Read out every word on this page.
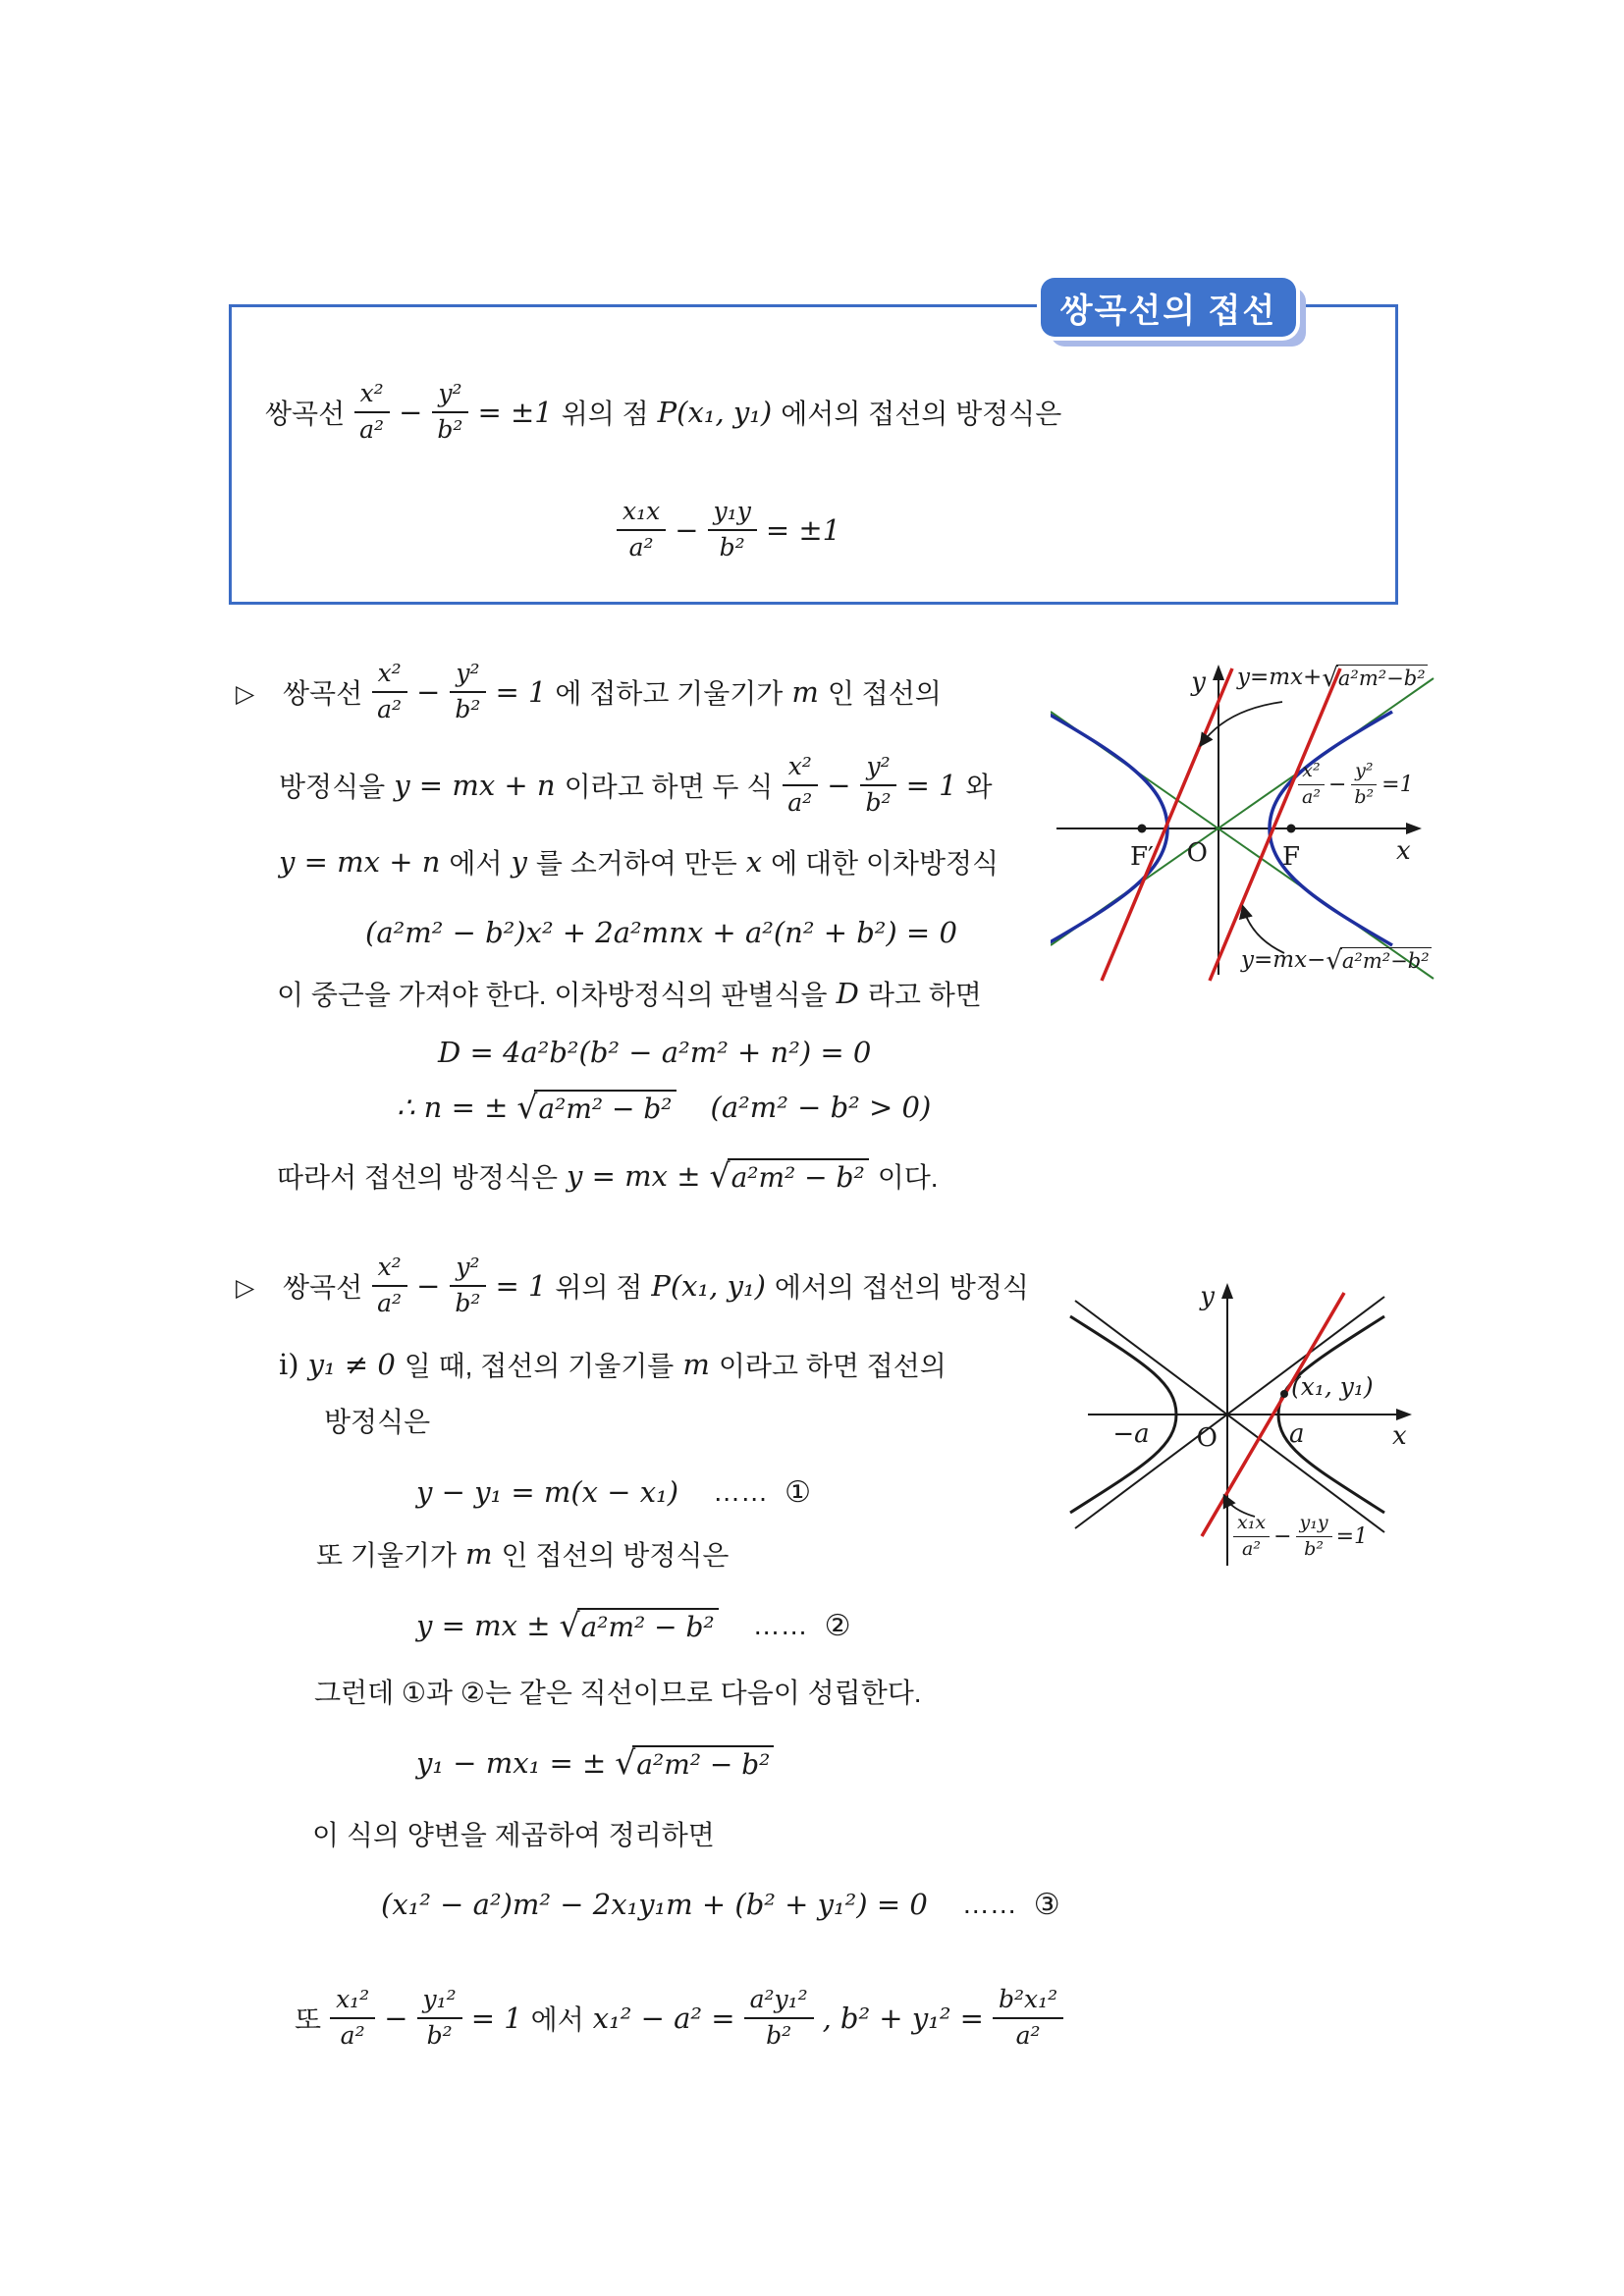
쌍곡선의 접선
쌍곡선 $\frac{\text{x²}}{\text{a²}} - \frac{\text{y²}}{\text{b²}} = \pm 1$ 위의 점 P(x₁, y₁) 에서의 접선의 방정식은
$\frac{\text{x₁x}}{\text{a²}} - \frac{\text{y₁y}}{\text{b²}} = \pm 1$
▷ 쌍곡선 $\frac{\text{x²}}{\text{a²}} - \frac{\text{y²}}{\text{b²}} = 1$ 에 접하고 기울기가 m 인 접선의
방정식을 y = mx + n 이라고 하면 두 식 $\frac{\text{x²}}{\text{a²}} - \frac{\text{y²}}{\text{b²}} = 1$ 와
y = mx + n 에서 y 를 소거하여 만든 x 에 대한 이차방정식
(a²m² − b²)x² + 2a²mnx + a²(n² + b²) = 0
이 중근을 가져야 한다. 이차방정식의 판별식을 D 라고 하면
D = 4a²b²(b² − a²m² + n²) = 0
∴ n = ± √ a²m² − b² (a²m² − b² > 0)
따라서 접선의 방정식은 y = mx ± √ a²m² − b² 이다.
y
x
O
F′	F
y=mx+ √ a²m²−b²
y=mx− √ a²m²−b²
$\frac{\text{x²}}{\text{a²}} - \frac{\text{y²}}{\text{b²}} =1$
▷ 쌍곡선 $\frac{\text{x²}}{\text{a²}} - \frac{\text{y²}}{\text{b²}} = 1$ 위의 점 P(x₁, y₁) 에서의 접선의 방정식
i) y₁ ≠ 0 일 때, 접선의 기울기를 m 이라고 하면 접선의
방정식은
y − y₁ = m(x − x₁) …… ①
또 기울기가 m 인 접선의 방정식은
y = mx ± √ a²m² − b² …… ②
그런데 ①과 ②는 같은 직선이므로 다음이 성립한다.
y₁ − mx₁ = ± √ a²m² − b²
이 식의 양변을 제곱하여 정리하면
(x₁² − a²)m² − 2x₁y₁m + (b² + y₁²) = 0 …… ③
또 $\frac{\text{x₁²}}{\text{a²}} - \frac{\text{y₁²}}{\text{b²}} = 1$ 에서 $x_1^2 - a^2 = \frac{\text{a²y₁²}}{\text{b²}}$ , $b^2 + y_1^2 = \frac{\text{b²x₁²}}{\text{a²}}$
y
x
O
−a	a
(x₁, y₁)
$\frac{\text{x₁x}}{\text{a²}} - \frac{\text{y₁y}}{\text{b²}} =1$
